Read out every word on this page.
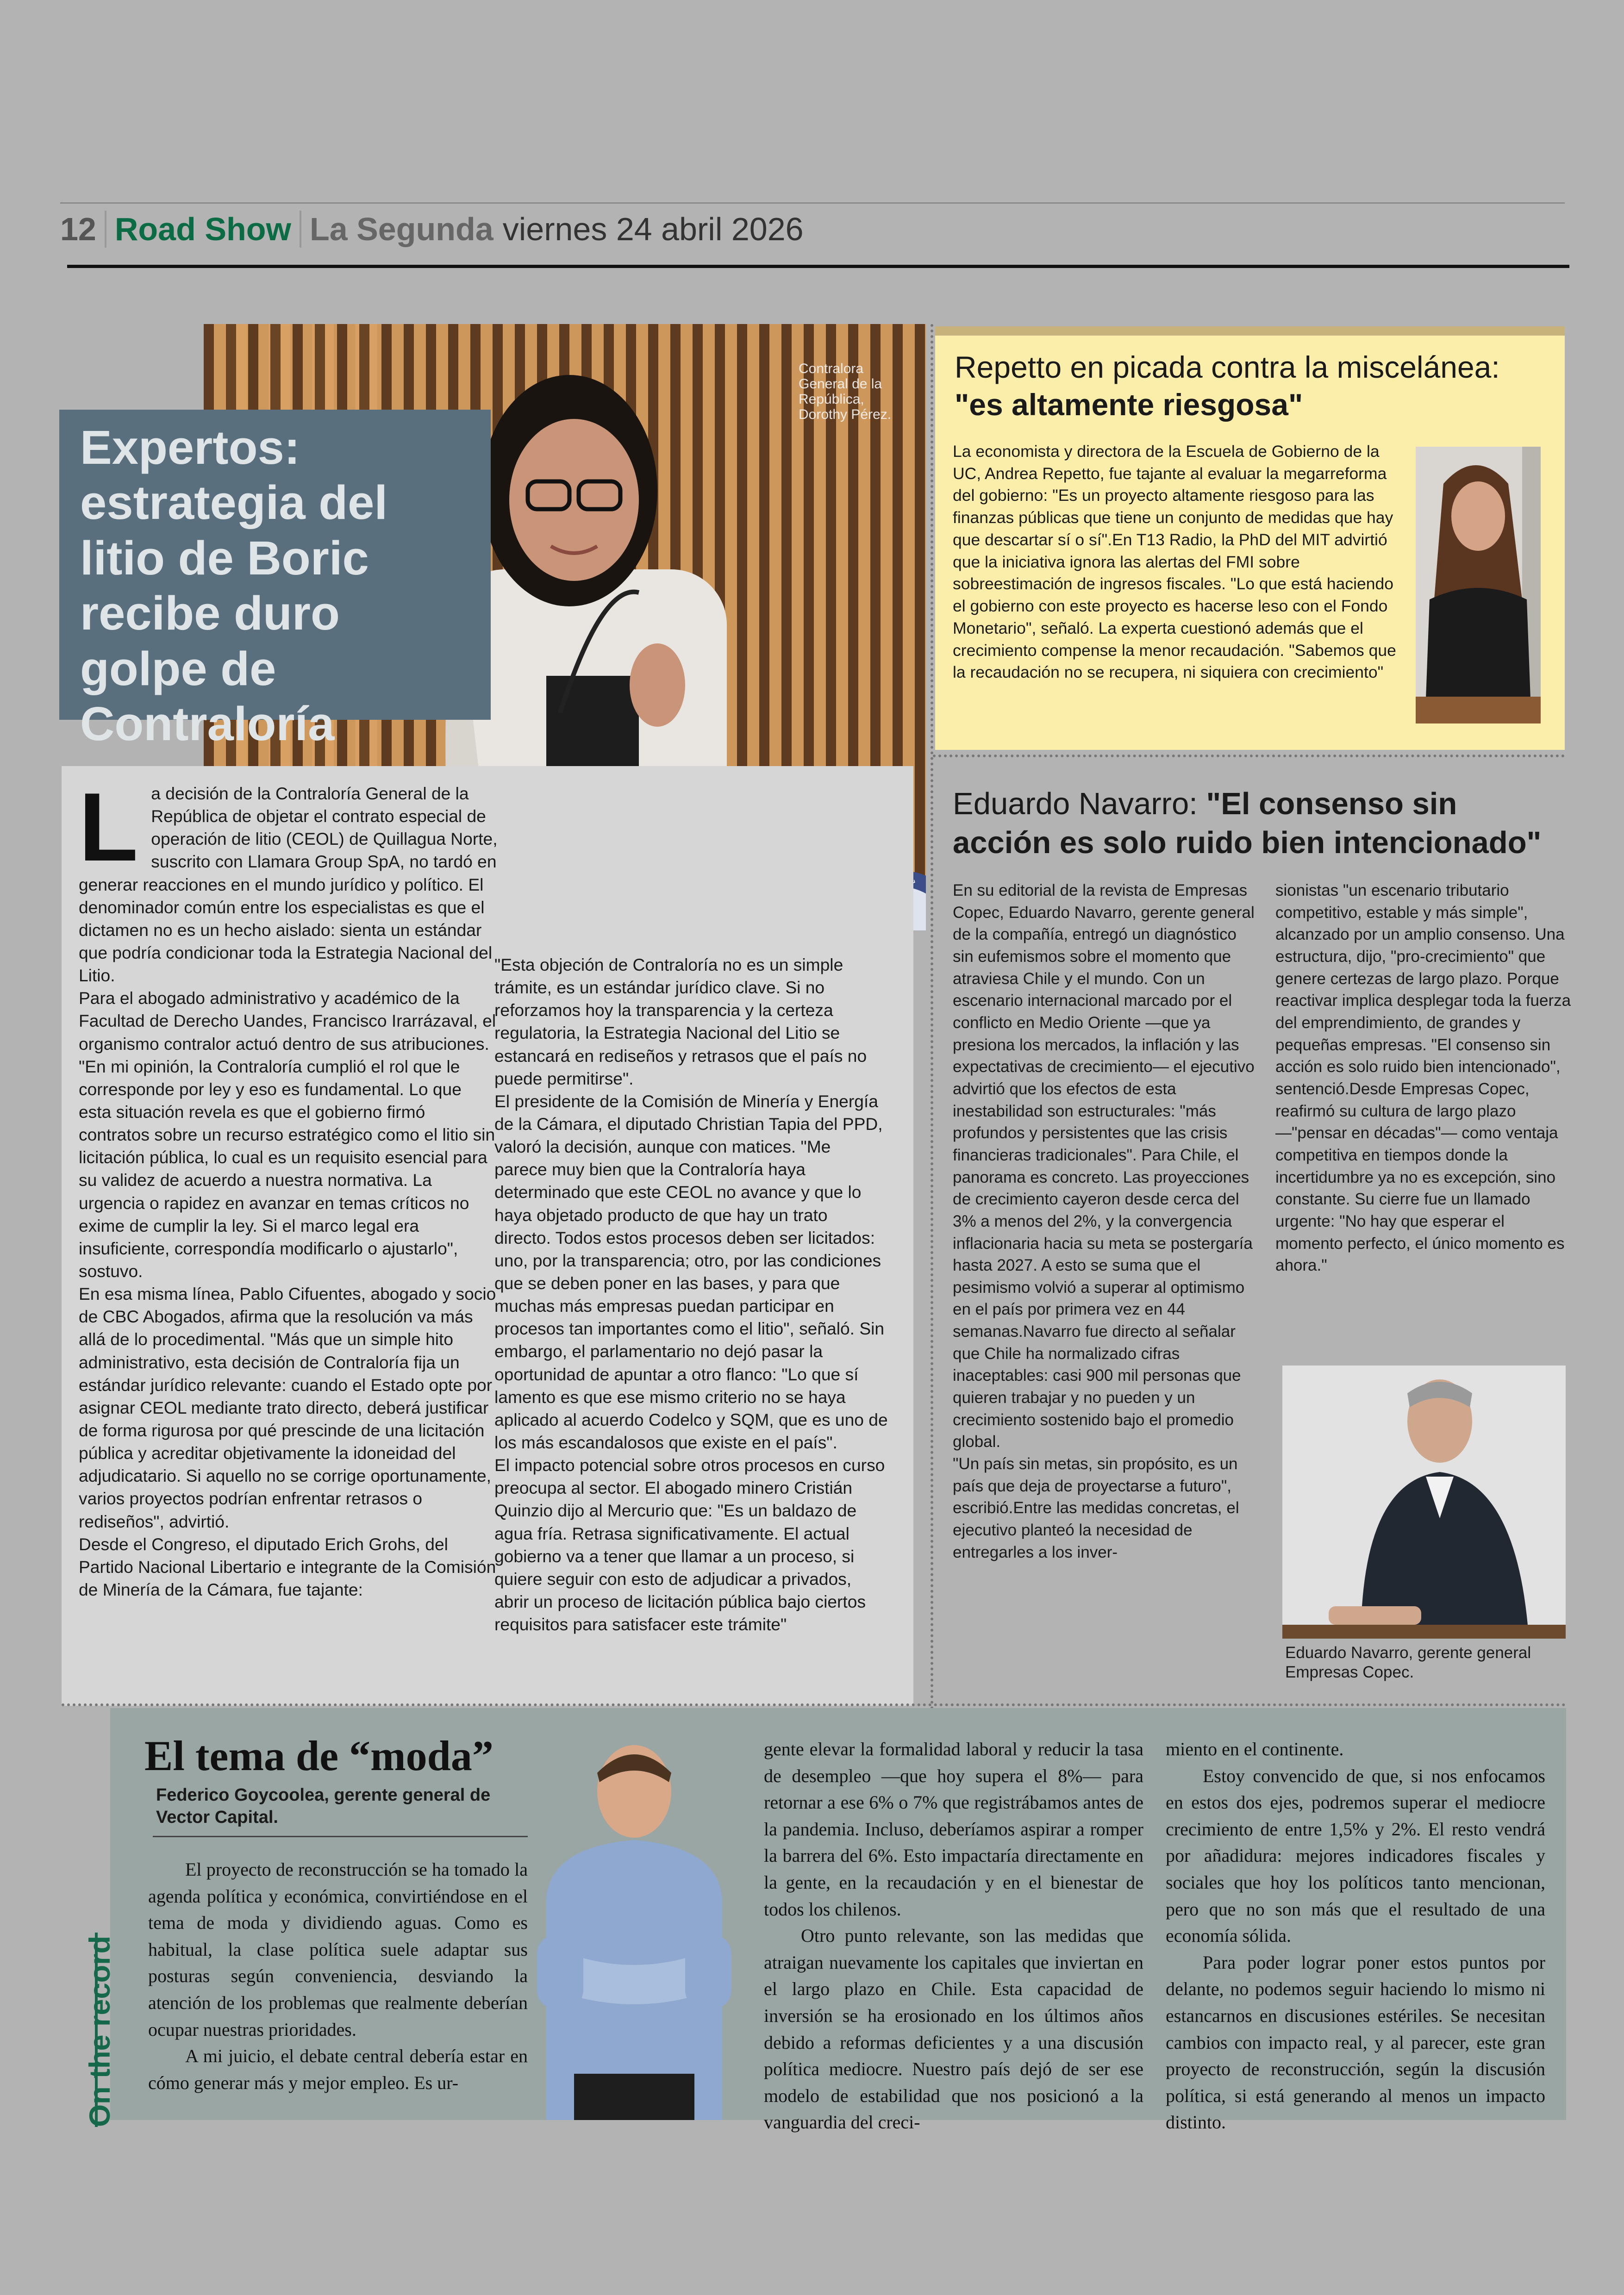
12 Road Show La Segunda viernes 24 abril 2026
Contralora General de la República, Dorothy Pérez.
Expertos: estrategia del litio de Boric recibe duro golpe de Contraloría
L a decisión de la Contraloría General de la República de objetar el contrato especial de operación de litio (CEOL) de Quillagua Norte, suscrito con Llamara Group SpA, no tardó en generar reacciones en el mundo jurídico y político. El denominador común entre los especialistas es que el dictamen no es un hecho aislado: sienta un estándar que podría condicionar toda la Estrategia Nacional del Litio.

Para el abogado administrativo y académico de la Facultad de Derecho Uandes, Francisco Irarrázaval, el organismo contralor actuó dentro de sus atribuciones. "En mi opinión, la Contraloría cumplió el rol que le corresponde por ley y eso es fundamental. Lo que esta situación revela es que el gobierno firmó contratos sobre un recurso estratégico como el litio sin licitación pública, lo cual es un requisito esencial para su validez de acuerdo a nuestra normativa. La urgencia o rapidez en avanzar en temas críticos no exime de cumplir la ley. Si el marco legal era insuficiente, correspondía modificarlo o ajustarlo", sostuvo.

En esa misma línea, Pablo Cifuentes, abogado y socio de CBC Abogados, afirma que la resolución va más allá de lo procedimental. "Más que un simple hito administrativo, esta decisión de Contraloría fija un estándar jurídico relevante: cuando el Estado opte por asignar CEOL mediante trato directo, deberá justificar de forma rigurosa por qué prescinde de una licitación pública y acreditar objetivamente la idoneidad del adjudicatario. Si aquello no se corrige oportunamente, varios proyectos podrían enfrentar retrasos o rediseños", advirtió.

Desde el Congreso, el diputado Erich Grohs, del Partido Nacional Libertario e integrante de la Comisión de Minería de la Cámara, fue tajante:

"Esta objeción de Contraloría no es un simple trámite, es un estándar jurídico clave. Si no reforzamos hoy la transparencia y la certeza regulatoria, la Estrategia Nacional del Litio se estancará en rediseños y retrasos que el país no puede permitirse".

El presidente de la Comisión de Minería y Energía de la Cámara, el diputado Christian Tapia del PPD, valoró la decisión, aunque con matices. "Me parece muy bien que la Contraloría haya determinado que este CEOL no avance y que lo haya objetado producto de que hay un trato directo. Todos estos procesos deben ser licitados: uno, por la transparencia; otro, por las condiciones que se deben poner en las bases, y para que muchas más empresas puedan participar en procesos tan importantes como el litio", señaló. Sin embargo, el parlamentario no dejó pasar la oportunidad de apuntar a otro flanco: "Lo que sí lamento es que ese mismo criterio no se haya aplicado al acuerdo Codelco y SQM, que es uno de los más escandalosos que existe en el país".

El impacto potencial sobre otros procesos en curso preocupa al sector. El abogado minero Cristián Quinzio dijo al Mercurio que: "Es un baldazo de agua fría. Retrasa significativamente. El actual gobierno va a tener que llamar a un proceso, si quiere seguir con esto de adjudicar a privados, abrir un proceso de licitación pública bajo ciertos requisitos para satisfacer este trámite"

Repetto en picada contra la miscelánea: "es altamente riesgosa"
La economista y directora de la Escuela de Gobierno de la UC, Andrea Repetto, fue tajante al evaluar la megarreforma del gobierno: "Es un proyecto altamente riesgoso para las finanzas públicas que tiene un conjunto de medidas que hay que descartar sí o sí".En T13 Radio, la PhD del MIT advirtió que la iniciativa ignora las alertas del FMI sobre sobreestimación de ingresos fiscales. "Lo que está haciendo el gobierno con este proyecto es hacerse leso con el Fondo Monetario", señaló. La experta cuestionó además que el crecimiento compense la menor recaudación. "Sabemos que la recaudación no se recupera, ni siquiera con crecimiento"
Eduardo Navarro: "El consenso sin acción es solo ruido bien intencionado"

En su editorial de la revista de Empresas Copec, Eduardo Navarro, gerente general de la compañía, entregó un diagnóstico sin eufemismos sobre el momento que atraviesa Chile y el mundo. Con un escenario internacional marcado por el conflicto en Medio Oriente —que ya presiona los mercados, la inflación y las expectativas de crecimiento— el ejecutivo advirtió que los efectos de esta inestabilidad son estructurales: "más profundos y persistentes que las crisis financieras tradicionales". Para Chile, el panorama es concreto. Las proyecciones de crecimiento cayeron desde cerca del 3% a menos del 2%, y la convergencia inflacionaria hacia su meta se postergaría hasta 2027. A esto se suma que el pesimismo volvió a superar al optimismo en el país por primera vez en 44 semanas.Navarro fue directo al señalar que Chile ha normalizado cifras inaceptables: casi 900 mil personas que quieren trabajar y no pueden y un crecimiento sostenido bajo el promedio global.

"Un país sin metas, sin propósito, es un país que deja de proyectarse a futuro", escribió.Entre las medidas concretas, el ejecutivo planteó la necesidad de entregarles a los inver-

sionistas "un escenario tributario competitivo, estable y más simple", alcanzado por un amplio consenso. Una estructura, dijo, "pro-crecimiento" que genere certezas de largo plazo. Porque reactivar implica desplegar toda la fuerza del emprendimiento, de grandes y pequeñas empresas. "El consenso sin acción es solo ruido bien intencionado", sentenció.Desde Empresas Copec, reafirmó su cultura de largo plazo —"pensar en décadas"— como ventaja competitiva en tiempos donde la incertidumbre ya no es excepción, sino constante. Su cierre fue un llamado urgente: "No hay que esperar el momento perfecto, el único momento es ahora."

Eduardo Navarro, gerente general Empresas Copec.
On the record
El tema de “moda”
Federico Goycoolea, gerente general de Vector Capital.

El proyecto de reconstrucción se ha tomado la agenda política y económica, convirtiéndose en el tema de moda y dividiendo aguas. Como es habitual, la clase política suele adaptar sus posturas según conveniencia, desviando la atención de los problemas que realmente deberían ocupar nuestras prioridades.

A mi juicio, el debate central debería estar en cómo generar más y mejor empleo. Es ur-

gente elevar la formalidad laboral y reducir la tasa de desempleo —que hoy supera el 8%— para retornar a ese 6% o 7% que registrábamos antes de la pandemia. Incluso, deberíamos aspirar a romper la barrera del 6%. Esto impactaría directamente en la gente, en la recaudación y en el bienestar de todos los chilenos.

Otro punto relevante, son las medidas que atraigan nuevamente los capitales que inviertan en el largo plazo en Chile. Esta capacidad de inversión se ha erosionado en los últimos años debido a reformas deficientes y a una discusión política mediocre. Nuestro país dejó de ser ese modelo de estabilidad que nos posicionó a la vanguardia del creci-

miento en el continente.

Estoy convencido de que, si nos enfocamos en estos dos ejes, podremos superar el mediocre crecimiento de entre 1,5% y 2%. El resto vendrá por añadidura: mejores indicadores fiscales y sociales que hoy los políticos tanto mencionan, pero que no son más que el resultado de una economía sólida.

Para poder lograr poner estos puntos por delante, no podemos seguir haciendo lo mismo ni estancarnos en discusiones estériles. Se necesitan cambios con impacto real, y al parecer, este gran proyecto de reconstrucción, según la discusión política, si está generando al menos un impacto distinto.
